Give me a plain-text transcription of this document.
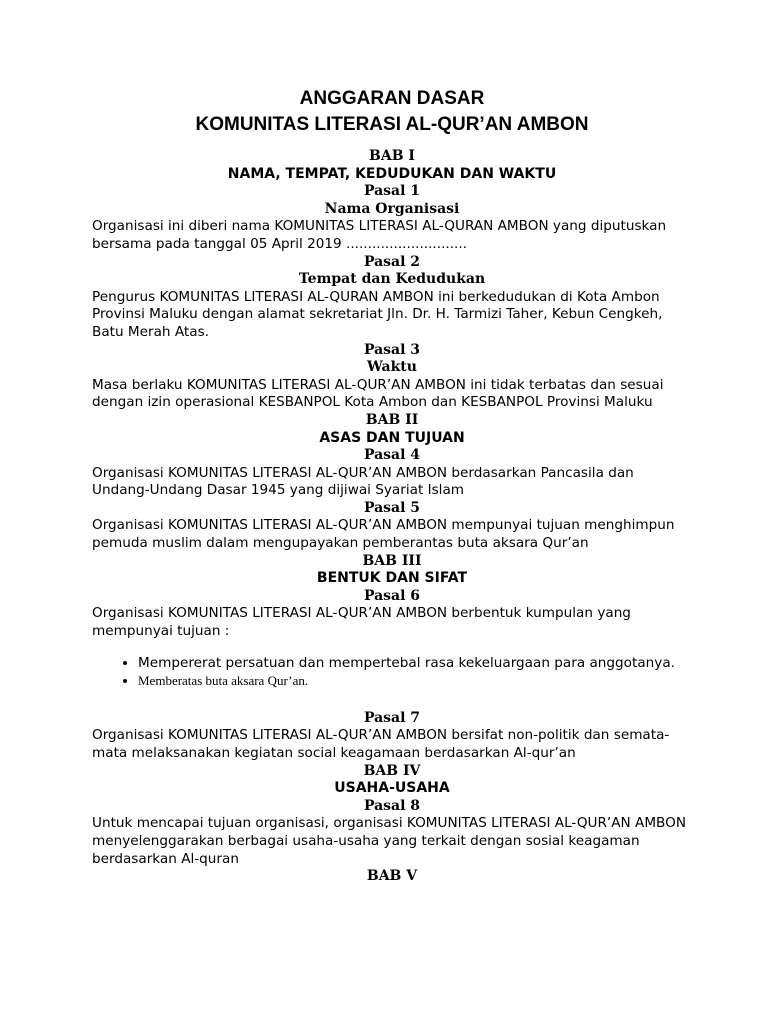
ANGGARAN DASAR
KOMUNITAS LITERASI AL-QUR’AN AMBON
BAB I
NAMA, TEMPAT, KEDUDUKAN DAN WAKTU
Pasal 1
Nama Organisasi

Organisasi ini diberi nama KOMUNITAS LITERASI AL-QURAN AMBON yang diputuskan bersama pada tanggal 05 April 2019 ............................

Pasal 2
Tempat dan Kedudukan

Pengurus KOMUNITAS LITERASI AL-QURAN AMBON ini berkedudukan di Kota Ambon Provinsi Maluku dengan alamat sekretariat Jln. Dr. H. Tarmizi Taher, Kebun Cengkeh, Batu Merah Atas.

Pasal 3
Waktu

Masa berlaku KOMUNITAS LITERASI AL-QUR’AN AMBON ini tidak terbatas dan sesuai dengan izin operasional KESBANPOL Kota Ambon dan KESBANPOL Provinsi Maluku

BAB II
ASAS DAN TUJUAN
Pasal 4

Organisasi KOMUNITAS LITERASI AL-QUR’AN AMBON berdasarkan Pancasila dan Undang-Undang Dasar 1945 yang dijiwai Syariat Islam

Pasal 5

Organisasi KOMUNITAS LITERASI AL-QUR’AN AMBON mempunyai tujuan menghimpun pemuda muslim dalam mengupayakan pemberantas buta aksara Qur’an

BAB III
BENTUK DAN SIFAT
Pasal 6

Organisasi KOMUNITAS LITERASI AL-QUR’AN AMBON berbentuk kumpulan yang mempunyai tujuan :

• Mempererat persatuan dan mempertebal rasa kekeluargaan para anggotanya.
• Memberatas buta aksara Qur’an.
Pasal 7

Organisasi KOMUNITAS LITERASI AL-QUR’AN AMBON bersifat non-politik dan semata-mata melaksanakan kegiatan social keagamaan berdasarkan Al-qur’an

BAB IV
USAHA-USAHA
Pasal 8

Untuk mencapai tujuan organisasi, organisasi KOMUNITAS LITERASI AL-QUR’AN AMBON menyelenggarakan berbagai usaha-usaha yang terkait dengan sosial keagaman berdasarkan Al-quran

BAB V
